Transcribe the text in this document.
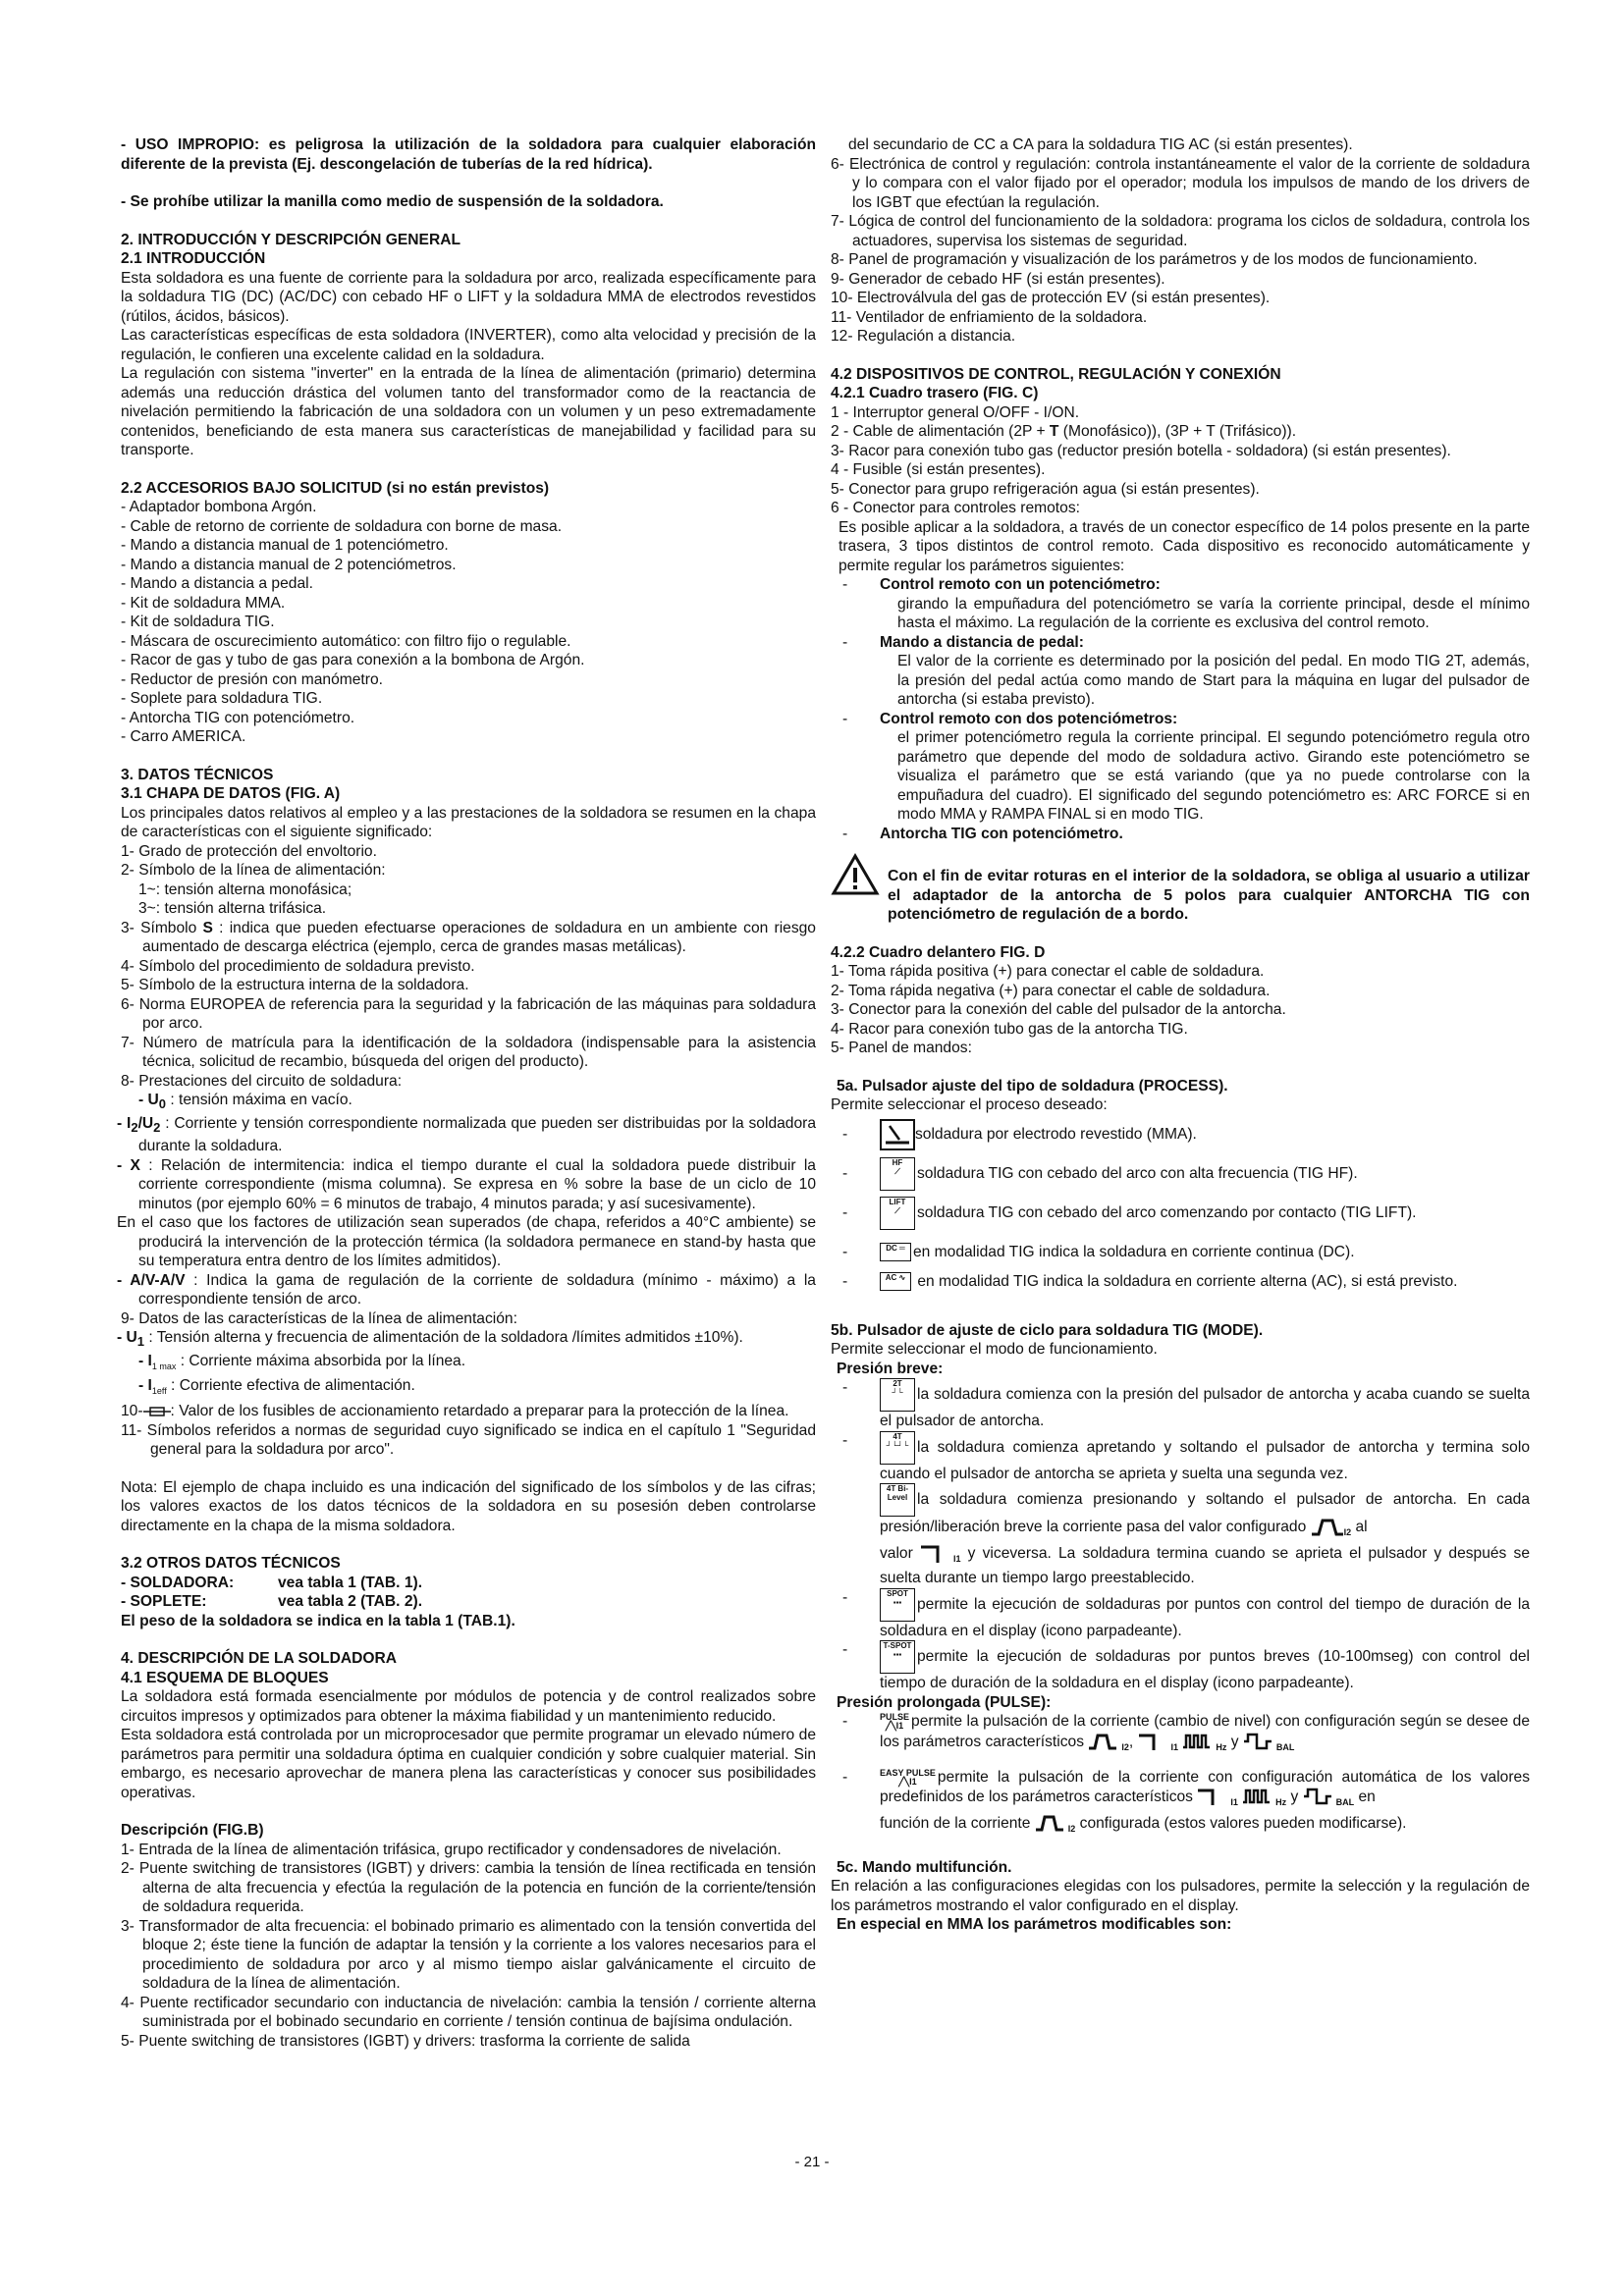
- USO IMPROPIO: es peligrosa la utilización de la soldadora para cualquier elaboración diferente de la prevista (Ej. descongelación de tuberías de la red hídrica).
- Se prohíbe utilizar la manilla como medio de suspensión de la soldadora.
2. INTRODUCCIÓN Y DESCRIPCIÓN GENERAL
2.1 INTRODUCCIÓN
Esta soldadora es una fuente de corriente para la soldadura por arco, realizada específicamente para la soldadura TIG (DC) (AC/DC) con cebado HF o LIFT y la soldadura MMA de electrodos revestidos (rútilos, ácidos, básicos).
Las características específicas de esta soldadora (INVERTER), como alta velocidad y precisión de la regulación, le confieren una excelente calidad en la soldadura.
La regulación con sistema "inverter" en la entrada de la línea de alimentación (primario) determina además una reducción drástica del volumen tanto del transformador como de la reactancia de nivelación permitiendo la fabricación de una soldadora con un volumen y un peso extremadamente contenidos, beneficiando de esta manera sus características de manejabilidad y facilidad para su transporte.
2.2 ACCESORIOS BAJO SOLICITUD (si no están previstos)
- Adaptador bombona Argón.
- Cable de retorno de corriente de soldadura con borne de masa.
- Mando a distancia manual de 1 potenciómetro.
- Mando a distancia manual de 2 potenciómetros.
- Mando a distancia a pedal.
- Kit de soldadura MMA.
- Kit de soldadura TIG.
- Máscara de oscurecimiento automático: con filtro fijo o regulable.
- Racor de gas y tubo de gas para conexión a la bombona de Argón.
- Reductor de presión con manómetro.
- Soplete para soldadura TIG.
- Antorcha TIG con potenciómetro.
- Carro AMERICA.
3. DATOS TÉCNICOS
3.1 CHAPA DE DATOS (FIG. A)
Los principales datos relativos al empleo y a las prestaciones de la soldadora se resumen en la chapa de características con el siguiente significado:
1- Grado de protección del envoltorio.
2- Símbolo de la línea de alimentación:
1~: tensión alterna monofásica;
3~: tensión alterna trifásica.
3- Símbolo S : indica que pueden efectuarse operaciones de soldadura en un ambiente con riesgo aumentado de descarga eléctrica (ejemplo, cerca de grandes masas metálicas).
4- Símbolo del procedimiento de soldadura previsto.
5- Símbolo de la estructura interna de la soldadora.
6- Norma EUROPEA de referencia para la seguridad y la fabricación de las máquinas para soldadura por arco.
7- Número de matrícula para la identificación de la soldadora (indispensable para la asistencia técnica, solicitud de recambio, búsqueda del origen del producto).
8- Prestaciones del circuito de soldadura:
- $U_0$ : tensión máxima en vacío.
- $I_2/U_2$ : Corriente y tensión correspondiente normalizada que pueden ser distribuidas por la soldadora durante la soldadura.
- X : Relación de intermitencia: indica el tiempo durante el cual la soldadora puede distribuir la corriente correspondiente (misma columna). Se expresa en % sobre la base de un ciclo de 10 minutos (por ejemplo 60% = 6 minutos de trabajo, 4 minutos parada; y así sucesivamente).
En el caso que los factores de utilización sean superados (de chapa, referidos a 40°C ambiente) se producirá la intervención de la protección térmica (la soldadora permanece en stand-by hasta que su temperatura entra dentro de los límites admitidos).
- A/V-A/V : Indica la gama de regulación de la corriente de soldadura (mínimo - máximo) a la correspondiente tensión de arco.
9- Datos de las características de la línea de alimentación:
- $U_1$ : Tensión alterna y frecuencia de alimentación de la soldadora /límites admitidos ±10%).
- $I_{1 max}$ : Corriente máxima absorbida por la línea.
- $I_{1eff}$ : Corriente efectiva de alimentación.
10- : Valor de los fusibles de accionamiento retardado a preparar para la protección de la línea.
11- Símbolos referidos a normas de seguridad cuyo significado se indica en el capítulo 1 "Seguridad general para la soldadura por arco".
Nota: El ejemplo de chapa incluido es una indicación del significado de los símbolos y de las cifras; los valores exactos de los datos técnicos de la soldadora en su posesión deben controlarse directamente en la chapa de la misma soldadora.
3.2 OTROS DATOS TÉCNICOS
- SOLDADORA:	vea tabla 1 (TAB. 1).
- SOPLETE:	vea tabla 2 (TAB. 2).
El peso de la soldadora se indica en la tabla 1 (TAB.1).
4. DESCRIPCIÓN DE LA SOLDADORA
4.1 ESQUEMA DE BLOQUES
La soldadora está formada esencialmente por módulos de potencia y de control realizados sobre circuitos impresos y optimizados para obtener la máxima fiabilidad y un mantenimiento reducido.
Esta soldadora está controlada por un microprocesador que permite programar un elevado número de parámetros para permitir una soldadura óptima en cualquier condición y sobre cualquier material. Sin embargo, es necesario aprovechar de manera plena las características y conocer sus posibilidades operativas.
Descripción (FIG.B)
1- Entrada de la línea de alimentación trifásica, grupo rectificador y condensadores de nivelación.
2- Puente switching de transistores (IGBT) y drivers: cambia la tensión de línea rectificada en tensión alterna de alta frecuencia y efectúa la regulación de la potencia en función de la corriente/tensión de soldadura requerida.
3- Transformador de alta frecuencia: el bobinado primario es alimentado con la tensión convertida del bloque 2; éste tiene la función de adaptar la tensión y la corriente a los valores necesarios para el procedimiento de soldadura por arco y al mismo tiempo aislar galvánicamente el circuito de soldadura de la línea de alimentación.
4- Puente rectificador secundario con inductancia de nivelación: cambia la tensión / corriente alterna suministrada por el bobinado secundario en corriente / tensión continua de bajísima ondulación.
5- Puente switching de transistores (IGBT) y drivers: trasforma la corriente de salida
del secundario de CC a CA para la soldadura TIG AC (si están presentes).
6- Electrónica de control y regulación: controla instantáneamente el valor de la corriente de soldadura y lo compara con el valor fijado por el operador; modula los impulsos de mando de los drivers de los IGBT que efectúan la regulación.
7- Lógica de control del funcionamiento de la soldadora: programa los ciclos de soldadura, controla los actuadores, supervisa los sistemas de seguridad.
8- Panel de programación y visualización de los parámetros y de los modos de funcionamiento.
9- Generador de cebado HF (si están presentes).
10- Electroválvula del gas de protección EV (si están presentes).
11- Ventilador de enfriamiento de la soldadora.
12- Regulación a distancia.
4.2 DISPOSITIVOS DE CONTROL, REGULACIÓN Y CONEXIÓN
4.2.1 Cuadro trasero (FIG. C)
1 - Interruptor general O/OFF - I/ON.
2 - Cable de alimentación (2P + T (Monofásico)), (3P + T (Trifásico)).
3- Racor para conexión tubo gas (reductor presión botella - soldadora) (si están presentes).
4 - Fusible (si están presentes).
5- Conector para grupo refrigeración agua (si están presentes).
6 - Conector para controles remotos:
Es posible aplicar a la soldadora, a través de un conector específico de 14 polos presente en la parte trasera, 3 tipos distintos de control remoto. Cada dispositivo es reconocido automáticamente y permite regular los parámetros siguientes:
-	Control remoto con un potenciómetro:
girando la empuñadura del potenciómetro se varía la corriente principal, desde el mínimo hasta el máximo. La regulación de la corriente es exclusiva del control remoto.
-	Mando a distancia de pedal:
El valor de la corriente es determinado por la posición del pedal. En modo TIG 2T, además, la presión del pedal actúa como mando de Start para la máquina en lugar del pulsador de antorcha (si estaba previsto).
-	Control remoto con dos potenciómetros:
el primer potenciómetro regula la corriente principal. El segundo potenciómetro regula otro parámetro que depende del modo de soldadura activo. Girando este potenciómetro se visualiza el parámetro que se está variando (que ya no puede controlarse con la empuñadura del cuadro). El significado del segundo potenciómetro es: ARC FORCE si en modo MMA y RAMPA FINAL si en modo TIG.
-	Antorcha TIG con potenciómetro.
Con el fin de evitar roturas en el interior de la soldadora, se obliga al usuario a utilizar el adaptador de la antorcha de 5 polos para cualquier ANTORCHA TIG con potenciómetro de regulación de a bordo.
4.2.2 Cuadro delantero FIG. D
1- Toma rápida positiva (+) para conectar el cable de soldadura.
2- Toma rápida negativa (+) para conectar el cable de soldadura.
3- Conector para la conexión del cable del pulsador de la antorcha.
4- Racor para conexión tubo gas de la antorcha TIG.
5- Panel de mandos:
5a. Pulsador ajuste del tipo de soldadura (PROCESS).
Permite seleccionar el proceso deseado:
-	soldadura por electrodo revestido (MMA).
-
HF
⟋	soldadura TIG con cebado del arco con alta frecuencia (TIG HF).
-
LIFT
⟋	soldadura TIG con cebado del arco comenzando por contacto (TIG LIFT).
-	DC ═ en modalidad TIG indica la soldadura en corriente continua (DC).
-	AC ∿ en modalidad TIG indica la soldadura en corriente alterna (AC), si está previsto.
5b. Pulsador de ajuste de ciclo para soldadura TIG (MODE).
Permite seleccionar el modo de funcionamiento.
Presión breve:
-	2T
┘└ la soldadura comienza con la presión del pulsador de antorcha y acaba cuando se suelta el pulsador de antorcha.
-	4T
┘└┘└ la soldadura comienza apretando y soltando el pulsador de antorcha y termina solo cuando el pulsador de antorcha se aprieta y suelta una segunda vez.
4T Bi-Level la soldadura comienza presionando y soltando el pulsador de antorcha. En cada presión/liberación breve la corriente pasa del valor configurado	$_{I2}$ al
valor	$_{I1}$ y viceversa. La soldadura termina cuando se aprieta el pulsador y después se suelta durante un tiempo largo preestablecido.
-	SPOT
▪▪▪ permite la ejecución de soldaduras por puntos con control del tiempo de duración de la soldadura en el display (icono parpadeante).
-	T-SPOT
▪▪▪ permite la ejecución de soldaduras por puntos breves (10-100mseg) con control del tiempo de duración de la soldadura en el display (icono parpadeante).
Presión prolongada (PULSE):
-	PULSE
╱╲I1 permite la pulsación de la corriente (cambio de nivel) con configuración según se desee de los parámetros característicos	$_{I2}$,	$_{I1}$	$_{Hz}$ y	$_{BAL}$
-	EASY PULSE
╱╲I1 permite la pulsación de la corriente con configuración automática de los valores predefinidos de los parámetros característicos	$_{I1}$	$_{Hz}$ y	$_{BAL}$ en
función de la corriente	$_{I2}$ configurada (estos valores pueden modificarse).
5c. Mando multifunción.
En relación a las configuraciones elegidas con los pulsadores, permite la selección y la regulación de los parámetros mostrando el valor configurado en el display.
En especial en MMA los parámetros modificables son:
- 21 -
